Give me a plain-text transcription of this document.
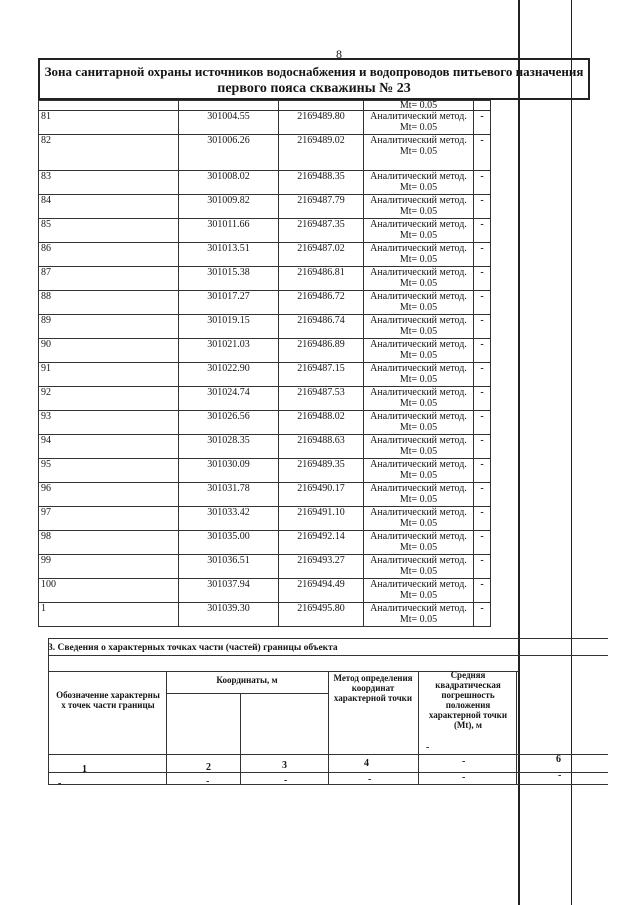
8
Зона санитарной охраны источников водоснабжения и водопроводов питьевого назначения
первого пояса скважины № 23
			Мt= 0.05	
81	301004.55	2169489.80	Аналитический метод.
Мt= 0.05	-
82	301006.26	2169489.02	Аналитический метод.
Мt= 0.05	-
83	301008.02	2169488.35	Аналитический метод.
Мt= 0.05	-
84	301009.82	2169487.79	Аналитический метод.
Мt= 0.05	-
85	301011.66	2169487.35	Аналитический метод.
Мt= 0.05	-
86	301013.51	2169487.02	Аналитический метод.
Мt= 0.05	-
87	301015.38	2169486.81	Аналитический метод.
Мt= 0.05	-
88	301017.27	2169486.72	Аналитический метод.
Мt= 0.05	-
89	301019.15	2169486.74	Аналитический метод.
Мt= 0.05	-
90	301021.03	2169486.89	Аналитический метод.
Мt= 0.05	-
91	301022.90	2169487.15	Аналитический метод.
Мt= 0.05	-
92	301024.74	2169487.53	Аналитический метод.
Мt= 0.05	-
93	301026.56	2169488.02	Аналитический метод.
Мt= 0.05	-
94	301028.35	2169488.63	Аналитический метод.
Мt= 0.05	-
95	301030.09	2169489.35	Аналитический метод.
Мt= 0.05	-
96	301031.78	2169490.17	Аналитический метод.
Мt= 0.05	-
97	301033.42	2169491.10	Аналитический метод.
Мt= 0.05	-
98	301035.00	2169492.14	Аналитический метод.
Мt= 0.05	-
99	301036.51	2169493.27	Аналитический метод.
Мt= 0.05	-
100	301037.94	2169494.49	Аналитический метод.
Мt= 0.05	-
1	301039.30	2169495.80	Аналитический метод.
Мt= 0.05	-
3. Сведения о характерных точках части (частей) границы объекта
Обозначение характерны х точек части границы
Координаты, м	Метод определения координат характерной точки
Средняя квадратическая погрешность положения характерной точки (Мt), м
1	2	3	4	-	6
-	-	-	-	-	-
-
